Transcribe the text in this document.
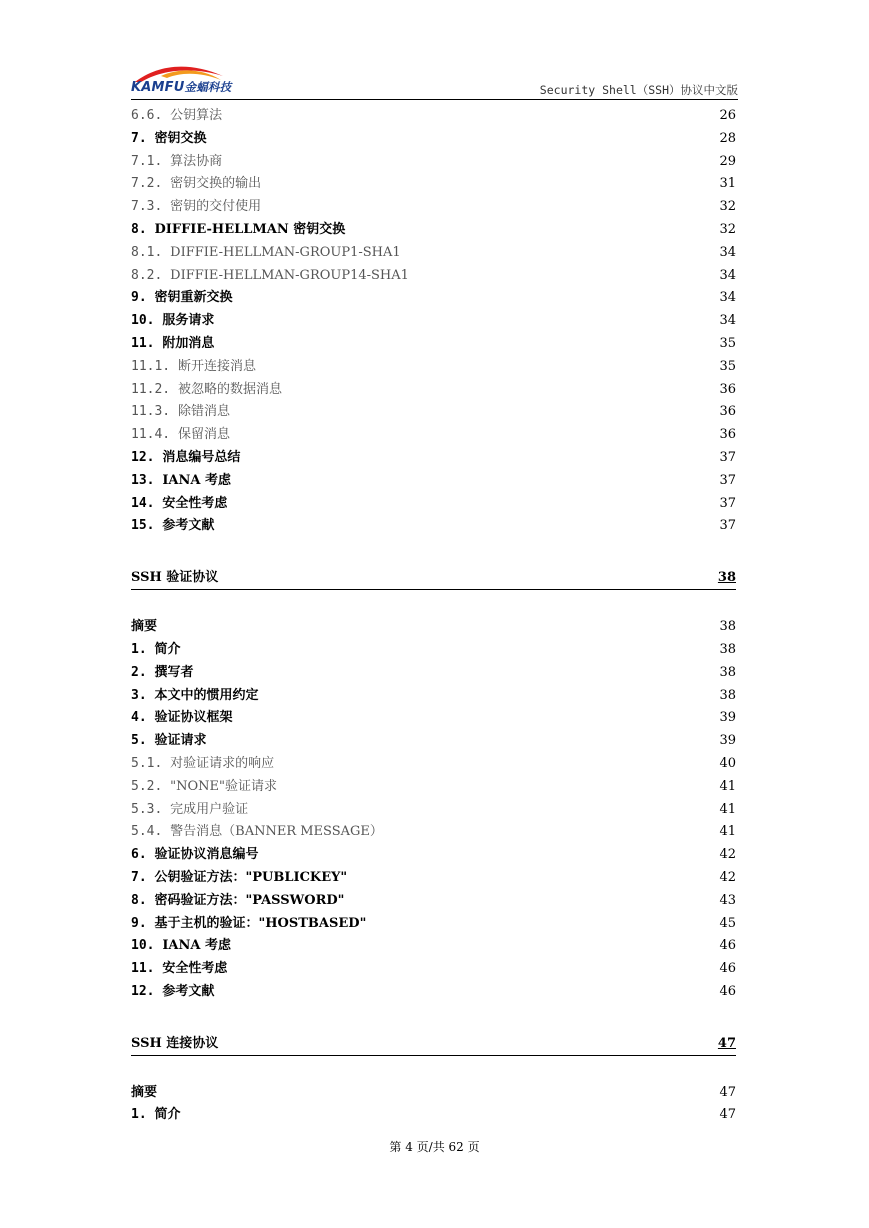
KAMFU金蝠科技	Security Shell（SSH）协议中文版
6.6. 公钥算法	26
7. 密钥交换	28
7.1. 算法协商	29
7.2. 密钥交换的输出	31
7.3. 密钥的交付使用	32
8. DIFFIE-HELLMAN 密钥交换	32
8.1. DIFFIE-HELLMAN-GROUP1-SHA1	34
8.2. DIFFIE-HELLMAN-GROUP14-SHA1	34
9. 密钥重新交换	34
10. 服务请求	34
11. 附加消息	35
11.1. 断开连接消息	35
11.2. 被忽略的数据消息	36
11.3. 除错消息	36
11.4. 保留消息	36
12. 消息编号总结	37
13. IANA 考虑	37
14. 安全性考虑	37
15. 参考文献	37
SSH 验证协议	38
摘要	38
1. 简介	38
2. 撰写者	38
3. 本文中的惯用约定	38
4. 验证协议框架	39
5. 验证请求	39
5.1. 对验证请求的响应	40
5.2. "NONE"验证请求	41
5.3. 完成用户验证	41
5.4. 警告消息（BANNER MESSAGE）	41
6. 验证协议消息编号	42
7. 公钥验证方法："PUBLICKEY"	42
8. 密码验证方法："PASSWORD"	43
9. 基于主机的验证："HOSTBASED"	45
10. IANA 考虑	46
11. 安全性考虑	46
12. 参考文献	46
SSH 连接协议	47
摘要	47
1. 简介	47
第 4 页/共 62 页
